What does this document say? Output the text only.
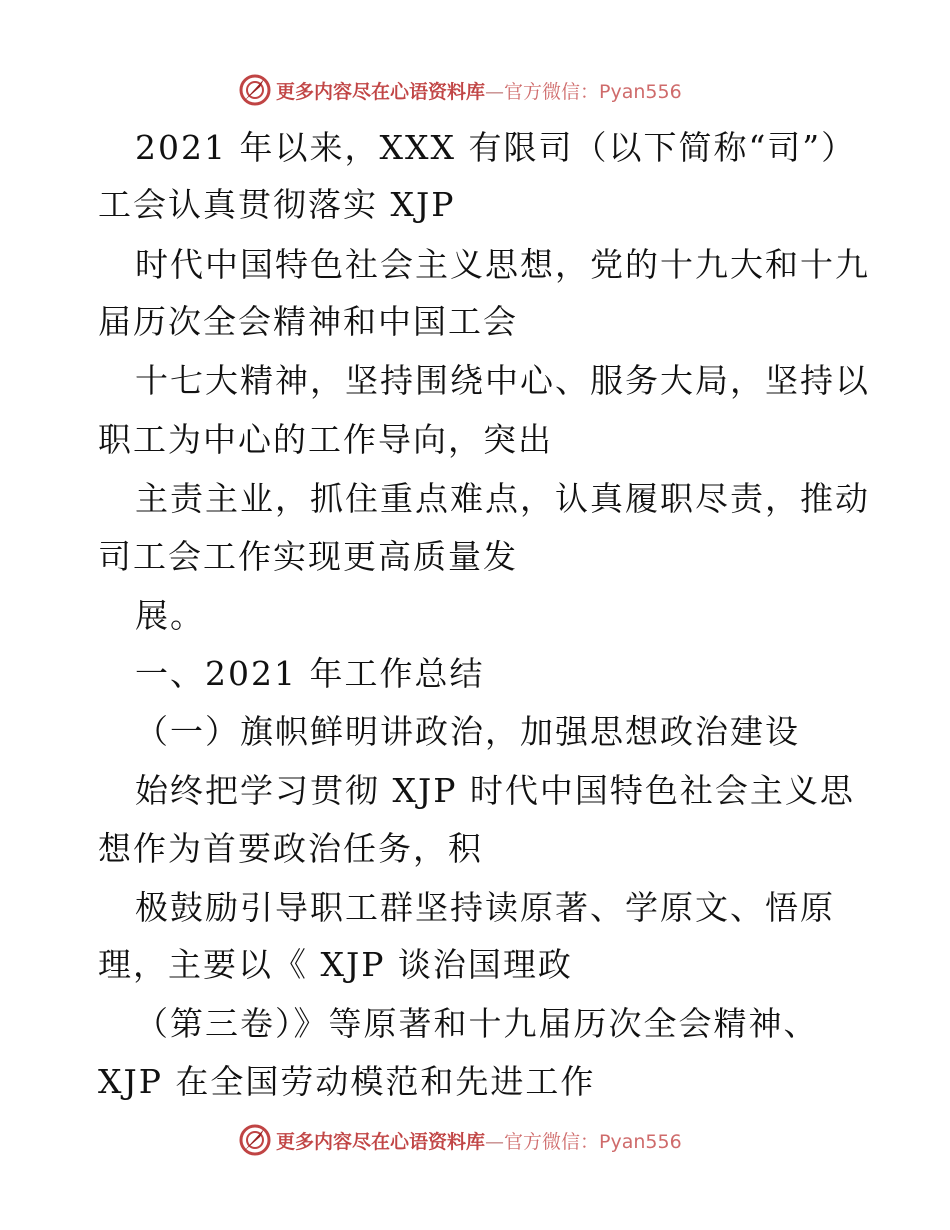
更多内容尽在心语资料库—官方微信：Pyan556
2021 年以来，XXX 有限司（以下简称“司”）
工会认真贯彻落实 XJP
时代中国特色社会主义思想，党的十九大和十九
届历次全会精神和中国工会
十七大精神，坚持围绕中心、服务大局，坚持以
职工为中心的工作导向，突出
主责主业，抓住重点难点，认真履职尽责，推动
司工会工作实现更高质量发
展。
一、2021 年工作总结
（一）旗帜鲜明讲政治，加强思想政治建设
始终把学习贯彻 XJP 时代中国特色社会主义思
想作为首要政治任务，积
极鼓励引导职工群坚持读原著、学原文、悟原
理，主要以《 XJP 谈治国理政
（第三卷）》等原著和十九届历次全会精神、
XJP 在全国劳动模范和先进工作
更多内容尽在心语资料库—官方微信：Pyan556
